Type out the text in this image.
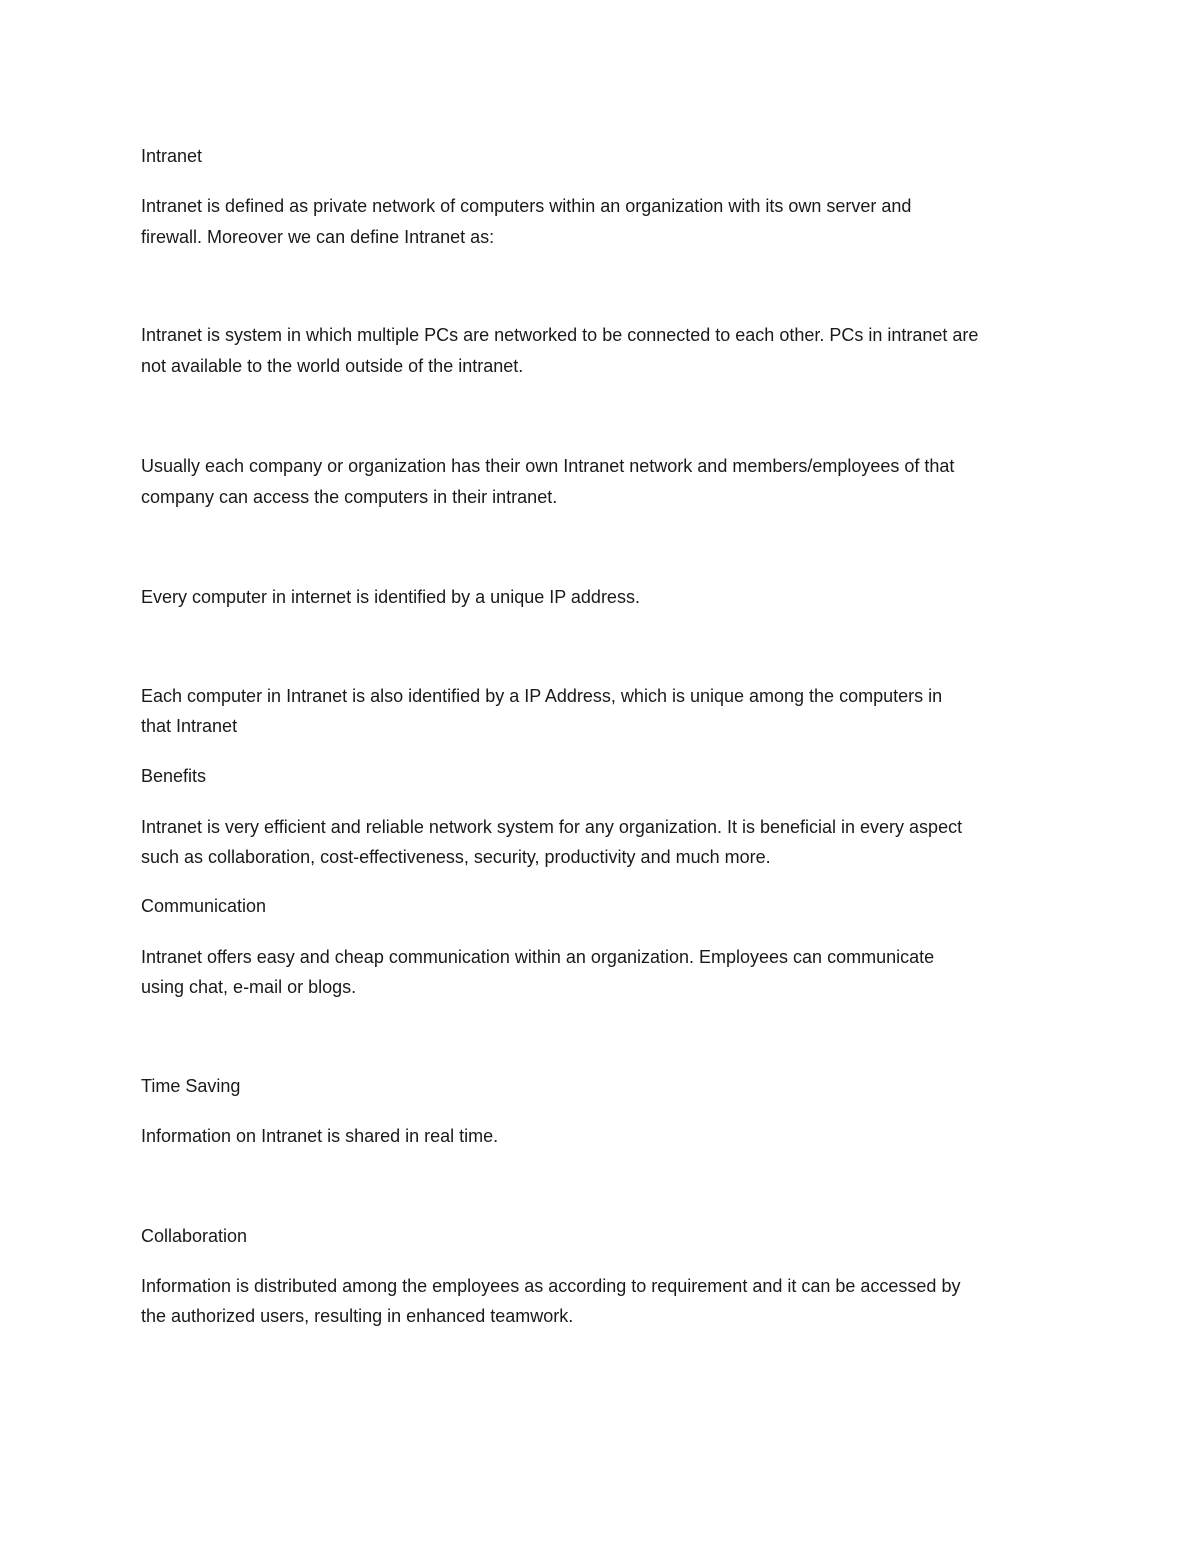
Intranet

Intranet is defined as private network of computers within an organization with its own server and

firewall. Moreover we can define Intranet as:

Intranet is system in which multiple PCs are networked to be connected to each other. PCs in intranet are

not available to the world outside of the intranet.

Usually each company or organization has their own Intranet network and members/employees of that

company can access the computers in their intranet.

Every computer in internet is identified by a unique IP address.

Each computer in Intranet is also identified by a IP Address, which is unique among the computers in

that Intranet

Benefits

Intranet is very efficient and reliable network system for any organization. It is beneficial in every aspect

such as collaboration, cost-effectiveness, security, productivity and much more.

Communication

Intranet offers easy and cheap communication within an organization. Employees can communicate

using chat, e-mail or blogs.

Time Saving

Information on Intranet is shared in real time.

Collaboration

Information is distributed among the employees as according to requirement and it can be accessed by

the authorized users, resulting in enhanced teamwork.
